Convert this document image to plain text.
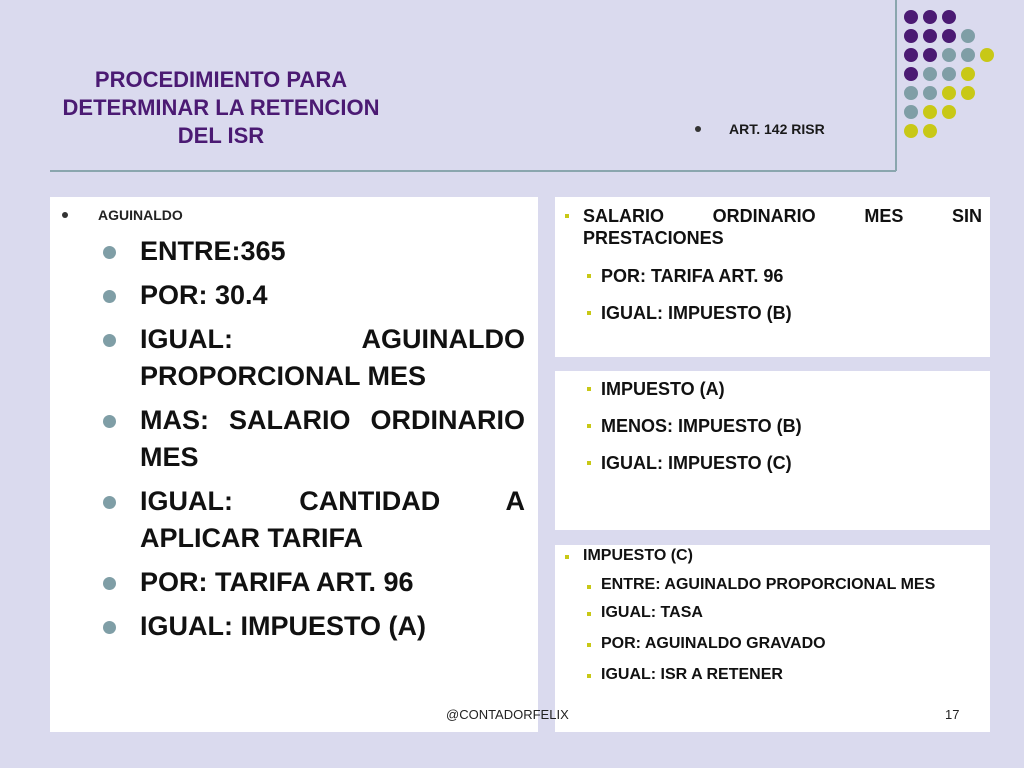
PROCEDIMIENTO PARA DETERMINAR LA RETENCION DEL ISR	ART. 142 RISR
AGUINALDO
ENTRE:365
POR: 30.4
IGUAL: AGUINALDO PROPORCIONAL MES
MAS: SALARIO ORDINARIO MES
IGUAL: CANTIDAD A APLICAR TARIFA
POR: TARIFA ART. 96
IGUAL: IMPUESTO (A)
SALARIO ORDINARIO MES SIN PRESTACIONES
POR: TARIFA ART. 96
IGUAL: IMPUESTO (B)
IMPUESTO (A)
MENOS: IMPUESTO (B)
IGUAL: IMPUESTO (C)
IMPUESTO (C)
ENTRE: AGUINALDO PROPORCIONAL MES
IGUAL: TASA
POR: AGUINALDO GRAVADO
IGUAL: ISR A RETENER
@CONTADORFELIX	17
